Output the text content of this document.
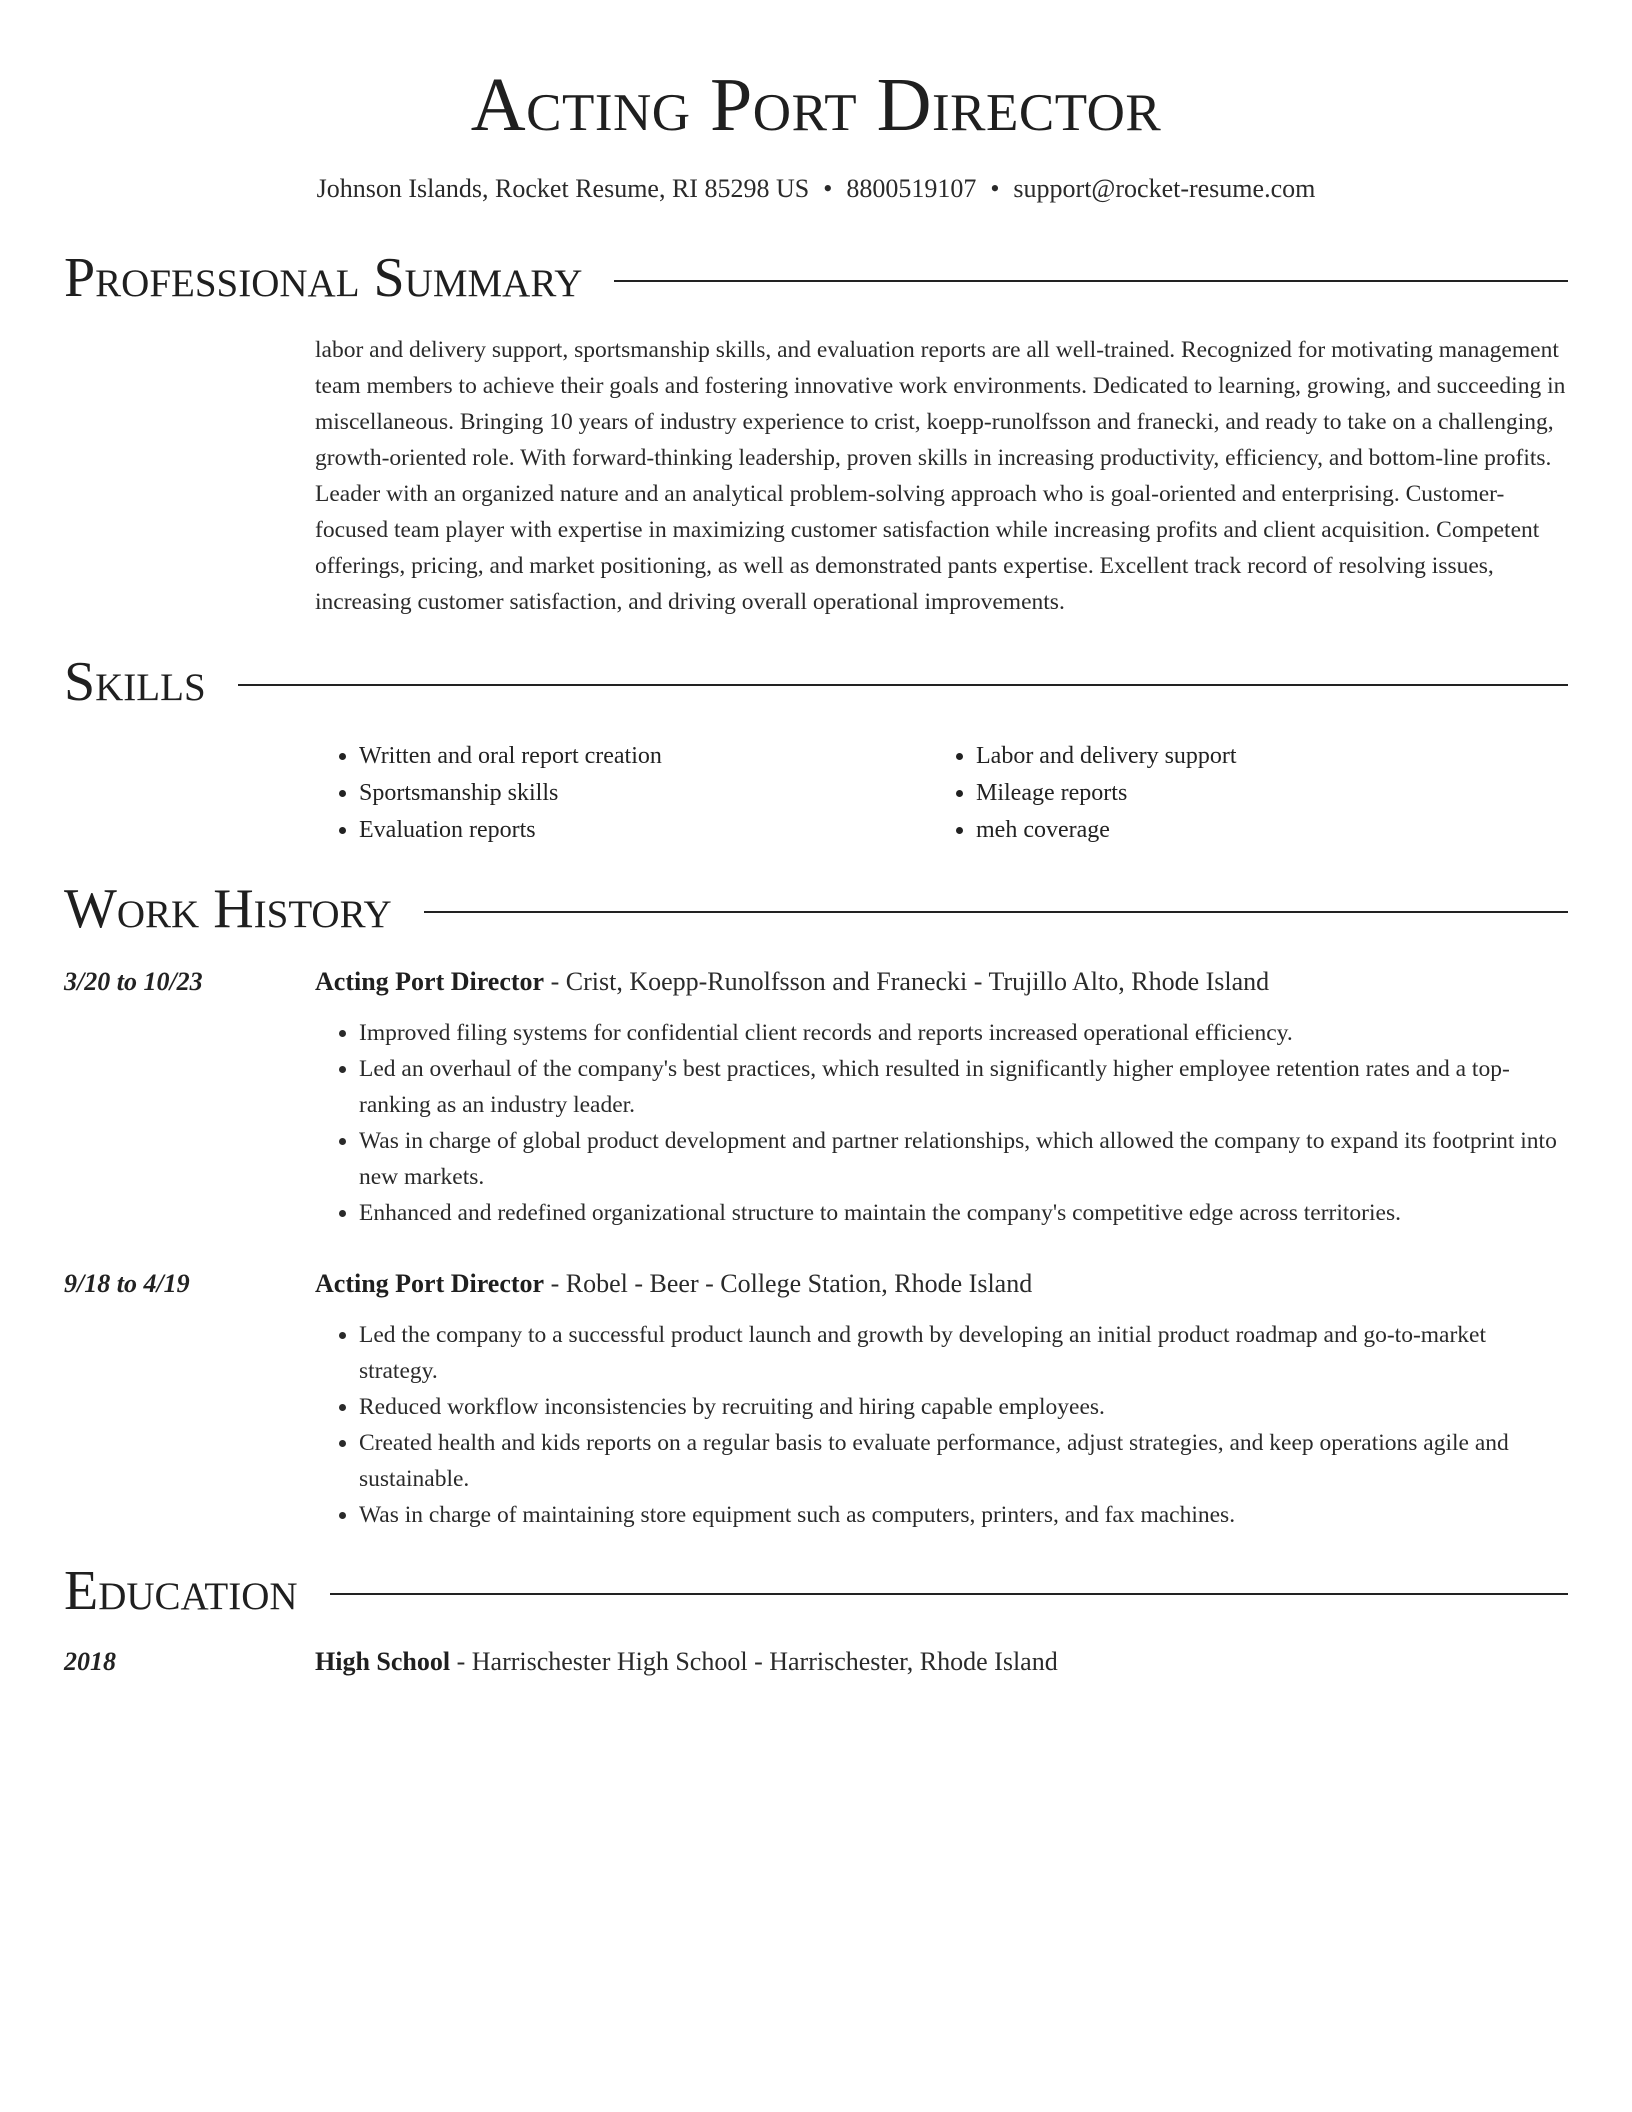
Acting Port Director
Johnson Islands, Rocket Resume, RI 85298 US • 8800519107 • support@rocket-resume.com
Professional Summary
labor and delivery support, sportsmanship skills, and evaluation reports are all well-trained. Recognized for motivating management team members to achieve their goals and fostering innovative work environments. Dedicated to learning, growing, and succeeding in miscellaneous. Bringing 10 years of industry experience to crist, koepp-runolfsson and franecki, and ready to take on a challenging, growth-oriented role. With forward-thinking leadership, proven skills in increasing productivity, efficiency, and bottom-line profits. Leader with an organized nature and an analytical problem-solving approach who is goal-oriented and enterprising. Customer-focused team player with expertise in maximizing customer satisfaction while increasing profits and client acquisition. Competent offerings, pricing, and market positioning, as well as demonstrated pants expertise. Excellent track record of resolving issues, increasing customer satisfaction, and driving overall operational improvements.
Skills
• Written and oral report creation
• Sportsmanship skills
• Evaluation reports
• Labor and delivery support
• Mileage reports
• meh coverage
Work History
3/20 to 10/23	Acting Port Director - Crist, Koepp-Runolfsson and Franecki - Trujillo Alto, Rhode Island
• Improved filing systems for confidential client records and reports increased operational efficiency.
• Led an overhaul of the company's best practices, which resulted in significantly higher employee retention rates and a top-ranking as an industry leader.
• Was in charge of global product development and partner relationships, which allowed the company to expand its footprint into new markets.
• Enhanced and redefined organizational structure to maintain the company's competitive edge across territories.
9/18 to 4/19	Acting Port Director - Robel - Beer - College Station, Rhode Island
• Led the company to a successful product launch and growth by developing an initial product roadmap and go-to-market strategy.
• Reduced workflow inconsistencies by recruiting and hiring capable employees.
• Created health and kids reports on a regular basis to evaluate performance, adjust strategies, and keep operations agile and sustainable.
• Was in charge of maintaining store equipment such as computers, printers, and fax machines.
Education
2018	High School - Harrischester High School - Harrischester, Rhode Island
